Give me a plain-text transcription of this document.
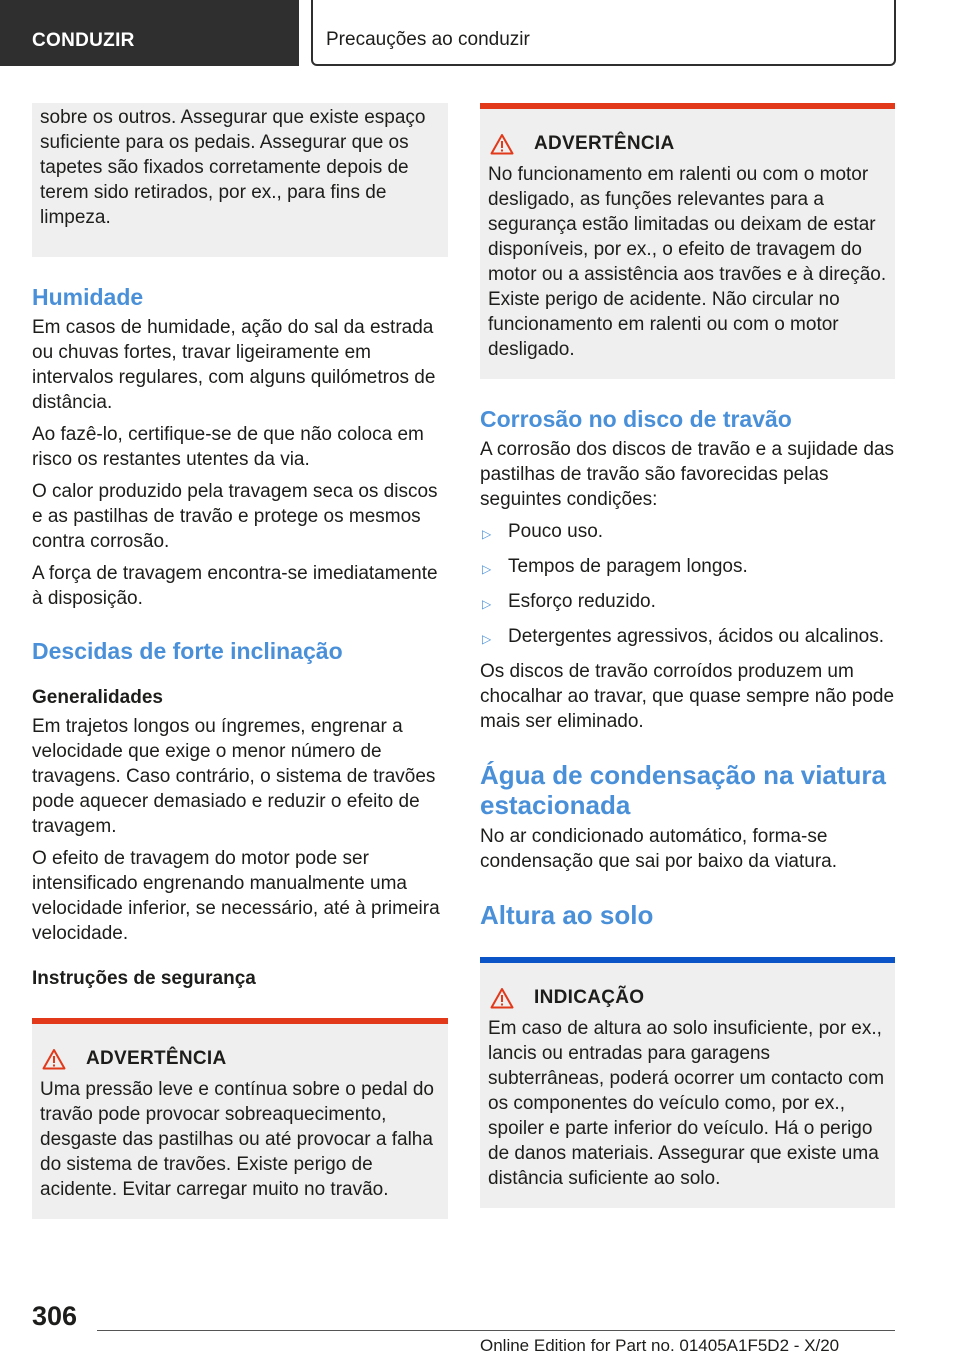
CONDUZIR	Precauções ao conduzir
sobre os outros. Assegurar que existe espaço suficiente para os pedais. Assegurar que os tapetes são fixados corretamente depois de terem sido retirados, por ex., para fins de limpeza.
Humidade

Em casos de humidade, ação do sal da estrada ou chuvas fortes, travar ligeiramente em intervalos regulares, com alguns quilómetros de distância.

Ao fazê-lo, certifique-se de que não coloca em risco os restantes utentes da via.

O calor produzido pela travagem seca os discos e as pastilhas de travão e protege os mesmos contra corrosão.

A força de travagem encontra-se imediatamente à disposição.

Descidas de forte inclinação
Generalidades

Em trajetos longos ou íngremes, engrenar a velocidade que exige o menor número de travagens. Caso contrário, o sistema de travões pode aquecer demasiado e reduzir o efeito de travagem.

O efeito de travagem do motor pode ser intensificado engrenando manualmente uma velocidade inferior, se necessário, até à primeira velocidade.

Instruções de segurança
ADVERTÊNCIA
Uma pressão leve e contínua sobre o pedal do travão pode provocar sobreaquecimento, desgaste das pastilhas ou até provocar a falha do sistema de travões. Existe perigo de acidente. Evitar carregar muito no travão.
ADVERTÊNCIA
No funcionamento em ralenti ou com o motor desligado, as funções relevantes para a segurança estão limitadas ou deixam de estar disponíveis, por ex., o efeito de travagem do motor ou a assistência aos travões e à direção. Existe perigo de acidente. Não circular no funcionamento em ralenti ou com o motor desligado.
Corrosão no disco de travão

A corrosão dos discos de travão e a sujidade das pastilhas de travão são favorecidas pelas seguintes condições:

▷ Pouco uso.
▷ Tempos de paragem longos.
▷ Esforço reduzido.
▷ Detergentes agressivos, ácidos ou alcalinos.

Os discos de travão corroídos produzem um chocalhar ao travar, que quase sempre não pode mais ser eliminado.

Água de condensação na viatura estacionada

No ar condicionado automático, forma-se condensação que sai por baixo da viatura.

Altura ao solo
INDICAÇÃO
Em caso de altura ao solo insuficiente, por ex., lancis ou entradas para garagens subterrâneas, poderá ocorrer um contacto com os componentes do veículo como, por ex., spoiler e parte inferior do veículo. Há o perigo de danos materiais. Assegurar que existe uma distância suficiente ao solo.
306
Online Edition for Part no. 01405A1F5D2 - X/20
